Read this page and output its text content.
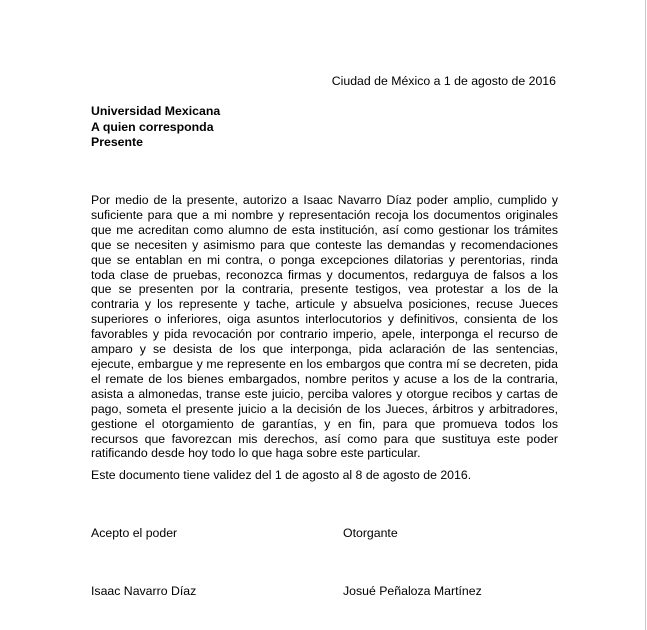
Ciudad de México a 1 de agosto de 2016
Universidad Mexicana
A quien corresponda
Presente

Por medio de la presente, autorizo a Isaac Navarro Díaz poder amplio, cumplido y suficiente para que a mi nombre y representación recoja los documentos originales que me acreditan como alumno de esta institución, así como gestionar los trámites que se necesiten y asimismo para que conteste las demandas y recomendaciones que se entablan en mi contra, o ponga excepciones dilatorias y perentorias, rinda toda clase de pruebas, reconozca firmas y documentos, redarguya de falsos a los que se presenten por la contraria, presente testigos, vea protestar a los de la contraria y los represente y tache, articule y absuelva posiciones, recuse Jueces superiores o inferiores, oiga asuntos interlocutorios y definitivos, consienta de los favorables y pida revocación por contrario imperio, apele, interponga el recurso de amparo y se desista de los que interponga, pida aclaración de las sentencias, ejecute, embargue y me represente en los embargos que contra mí se decreten, pida el remate de los bienes embargados, nombre peritos y acuse a los de la contraria, asista a almonedas, transe este juicio, perciba valores y otorgue recibos y cartas de pago, someta el presente juicio a la decisión de los Jueces, árbitros y arbitradores, gestione el otorgamiento de garantías, y en fin, para que promueva todos los recursos que favorezcan mis derechos, así como para que sustituya este poder ratificando desde hoy todo lo que haga sobre este particular.

Este documento tiene validez del 1 de agosto al 8 de agosto de 2016.
Acepto el poder	Otorgante
Isaac Navarro Díaz	Josué Peñaloza Martínez
